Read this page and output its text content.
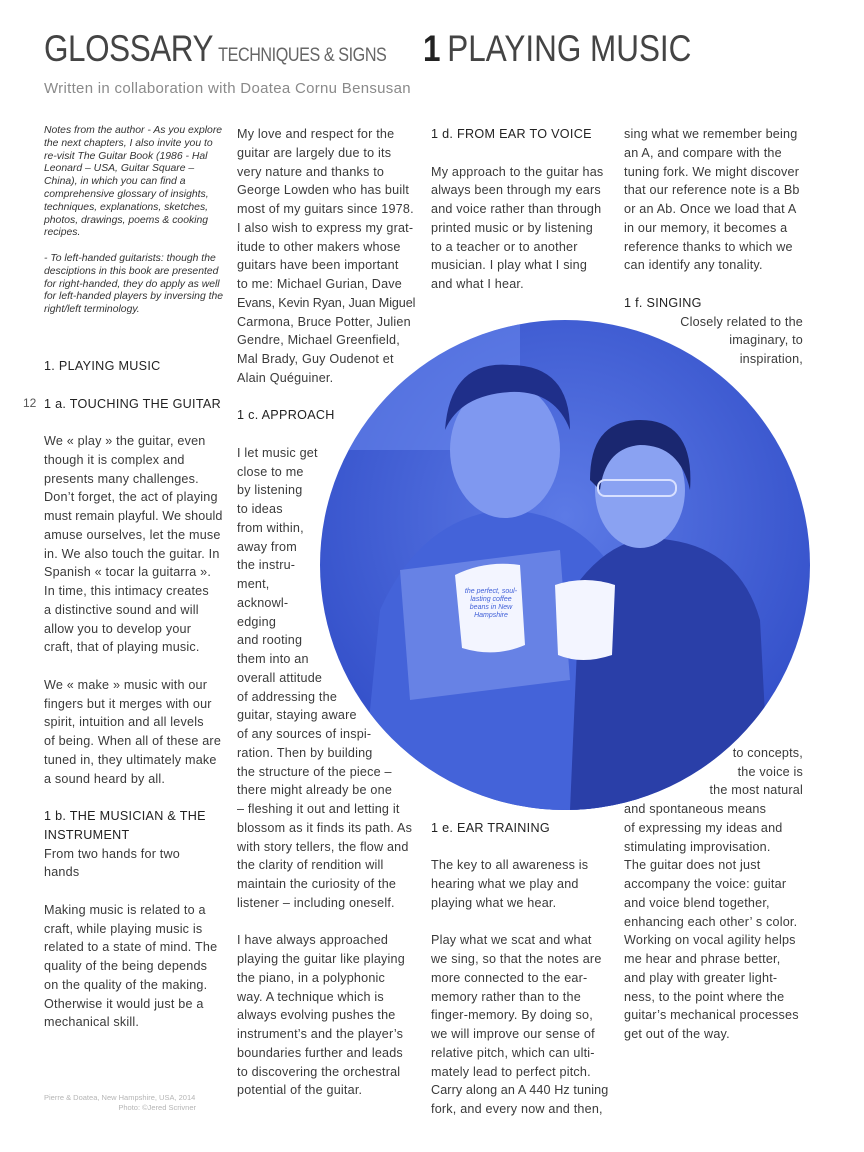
GLOSSARY TECHNIQUES & SIGNS 1 PLAYING MUSIC
Written in collaboration with Doatea Cornu Bensusan

Notes from the author - As you explore the next chapters, I also invite you to re-visit The Guitar Book (1986 - Hal Leonard – USA, Guitar Square – China), in which you can find a comprehensive glossary of insights, techniques, explanations, sketches, photos, drawings, poems & cooking recipes.

- To left-handed guitarists: though the desciptions in this book are presented for right-handed, they do apply as well for left-handed players by inversing the right/left terminology.

12
the perfect, soul-lasting coffee beans in New Hampshire
1. PLAYING MUSIC
1 a. TOUCHING THE GUITAR
We « play » the guitar, even
though it is complex and
presents many challenges.
Don’t forget, the act of playing
must remain playful. We should
amuse ourselves, let the muse
in. We also touch the guitar. In
Spanish « tocar la guitarra ».
In time, this intimacy creates
a distinctive sound and will
allow you to develop your
craft, that of playing music.
We « make » music with our
fingers but it merges with our
spirit, intuition and all levels
of being. When all of these are
tuned in, they ultimately make
a sound heard by all.
1 b. THE MUSICIAN & THE
INSTRUMENT
From two hands for two
hands
Making music is related to a
craft, while playing music is
related to a state of mind. The
quality of the being depends
on the quality of the making.
Otherwise it would just be a
mechanical skill.
My love and respect for the
guitar are largely due to its
very nature and thanks to
George Lowden who has built
most of my guitars since 1978.
I also wish to express my grat-
itude to other makers whose
guitars have been important
to me: Michael Gurian, Dave
Evans, Kevin Ryan, Juan Miguel
Carmona, Bruce Potter, Julien
Gendre, Michael Greenfield,
Mal Brady, Guy Oudenot et
Alain Quéguiner.
1 c. APPROACH
I let music get
close to me
by listening
to ideas
from within,
away from
the instru-
ment,
acknowl-
edging
and rooting
them into an
overall attitude
of addressing the
guitar, staying aware
of any sources of inspi-
ration. Then by building
the structure of the piece –
there might already be one
– fleshing it out and letting it
blossom as it finds its path. As
with story tellers, the flow and
the clarity of rendition will
maintain the curiosity of the
listener – including oneself.
I have always approached
playing the guitar like playing
the piano, in a polyphonic
way. A technique which is
always evolving pushes the
instrument’s and the player’s
boundaries further and leads
to discovering the orchestral
potential of the guitar.
1 d. FROM EAR TO VOICE
My approach to the guitar has
always been through my ears
and voice rather than through
printed music or by listening
to a teacher or to another
musician. I play what I sing
and what I hear.
1 e. EAR TRAINING
The key to all awareness is
hearing what we play and
playing what we hear.
Play what we scat and what
we sing, so that the notes are
more connected to the ear-
memory rather than to the
finger-memory. By doing so,
we will improve our sense of
relative pitch, which can ulti-
mately lead to perfect pitch.
Carry along an A 440 Hz tuning
fork, and every now and then,
sing what we remember being
an A, and compare with the
tuning fork. We might discover
that our reference note is a Bb
or an Ab. Once we load that A
in our memory, it becomes a
reference thanks to which we
can identify any tonality.
1 f. SINGING
Closely related to the
imaginary, to
inspiration,
to concepts,
the voice is
the most natural
and spontaneous means
of expressing my ideas and
stimulating improvisation.
The guitar does not just
accompany the voice: guitar
and voice blend together,
enhancing each other’ s color.
Working on vocal agility helps
me hear and phrase better,
and play with greater light-
ness, to the point where the
guitar’s mechanical processes
get out of the way.
Pierre & Doatea, New Hampshire, USA, 2014
Photo: ©Jered Scrivner
